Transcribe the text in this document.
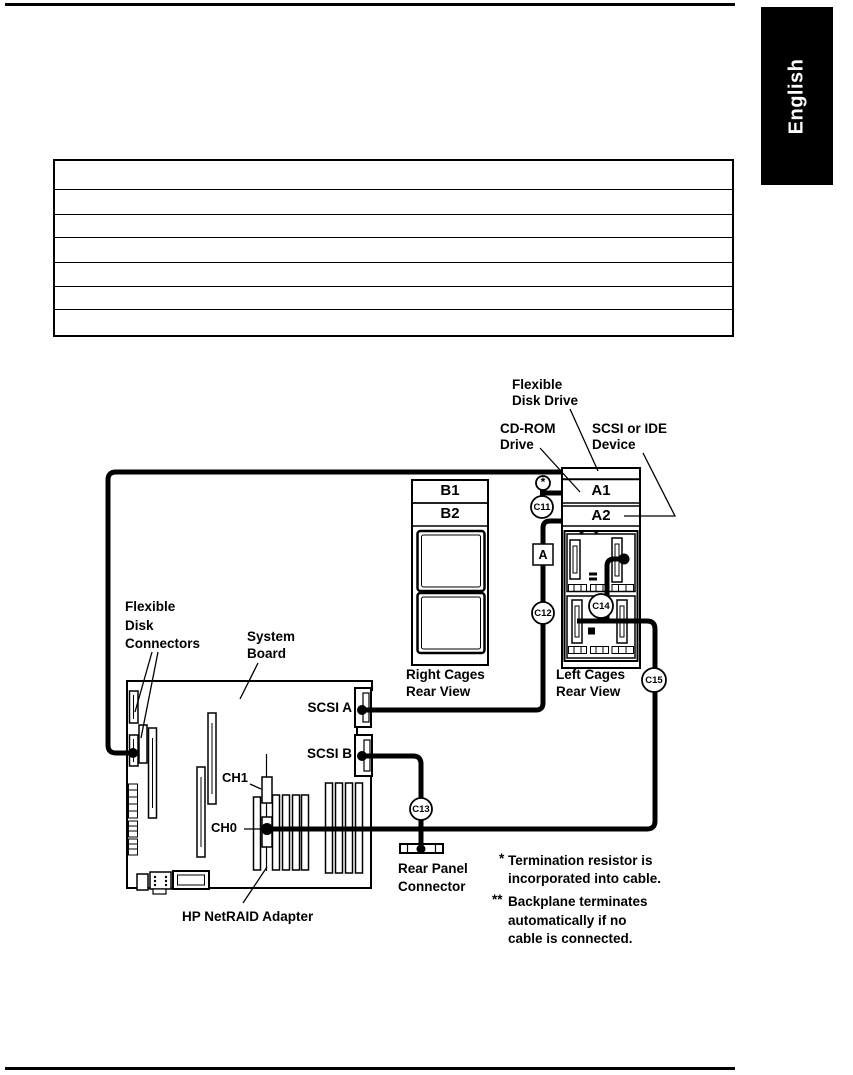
English
B1
B2
A1
A2
* *
*
C11
A
C12
C13
C14
C15
Flexible
Disk Drive
CD-ROM
Drive
SCSI or IDE
Device
Flexible
Disk
Connectors	System
Board
SCSI A
SCSI B
CH1
CH0
HP NetRAID Adapter
Rear Panel
Connector
Right Cages
Rear View
Left Cages
Rear View
* Termination resistor is
incorporated into cable.
** Backplane terminates
automatically if no
cable is connected.
